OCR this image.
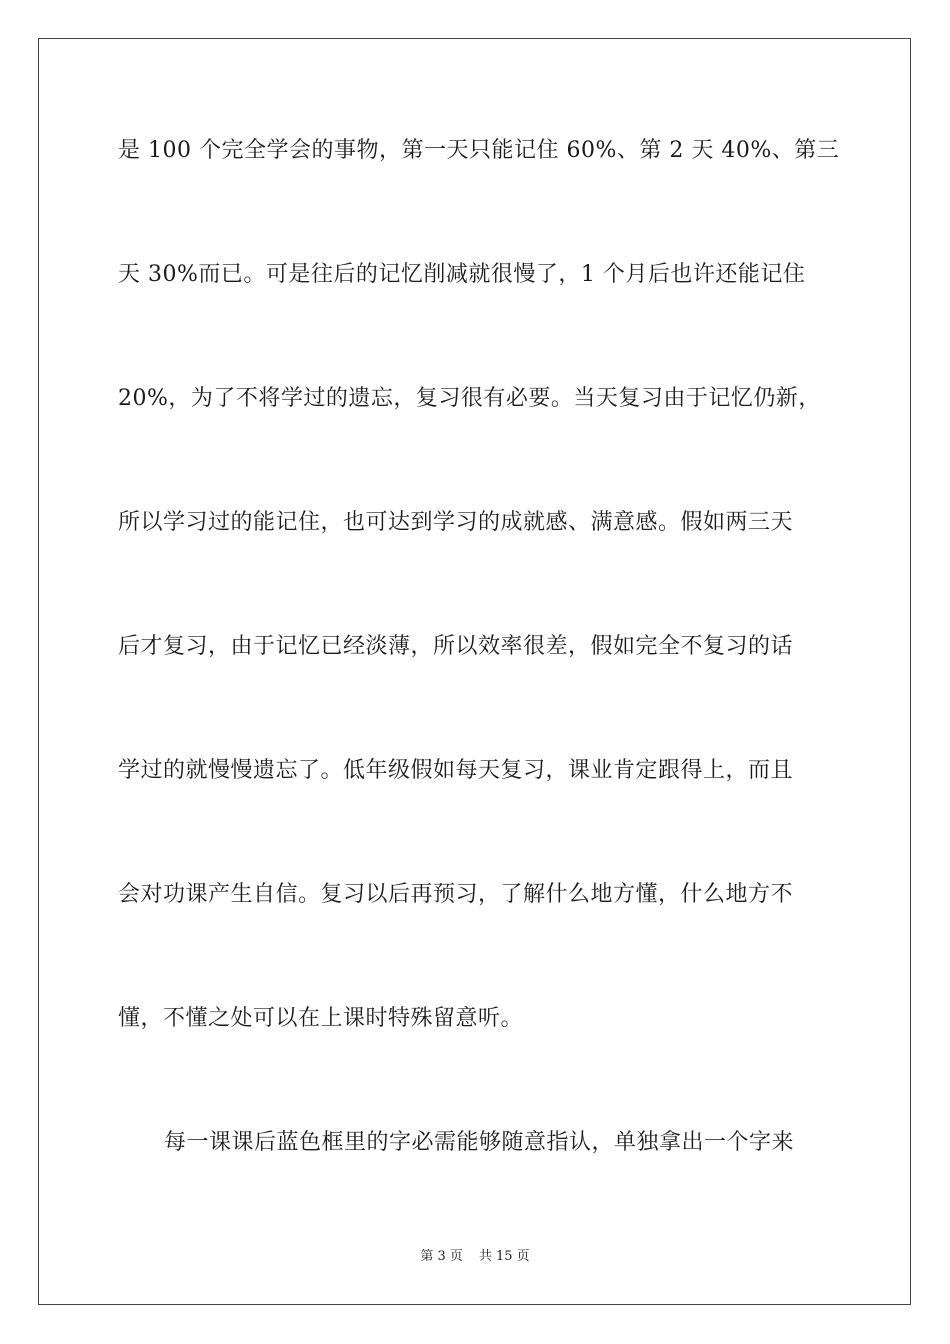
是 100 个完全学会的事物，第一天只能记住 60%、第 2 天 40%、第三
天 30%而已。可是往后的记忆削减就很慢了，1 个月后也许还能记住
20%，为了不将学过的遗忘，复习很有必要。当天复习由于记忆仍新，
所以学习过的能记住，也可达到学习的成就感、满意感。假如两三天
后才复习，由于记忆已经淡薄，所以效率很差，假如完全不复习的话
学过的就慢慢遗忘了。低年级假如每天复习，课业肯定跟得上，而且
会对功课产生自信。复习以后再预习，了解什么地方懂，什么地方不
懂，不懂之处可以在上课时特殊留意听。
每一课课后蓝色框里的字必需能够随意指认，单独拿出一个字来
第 3 页 共 15 页
